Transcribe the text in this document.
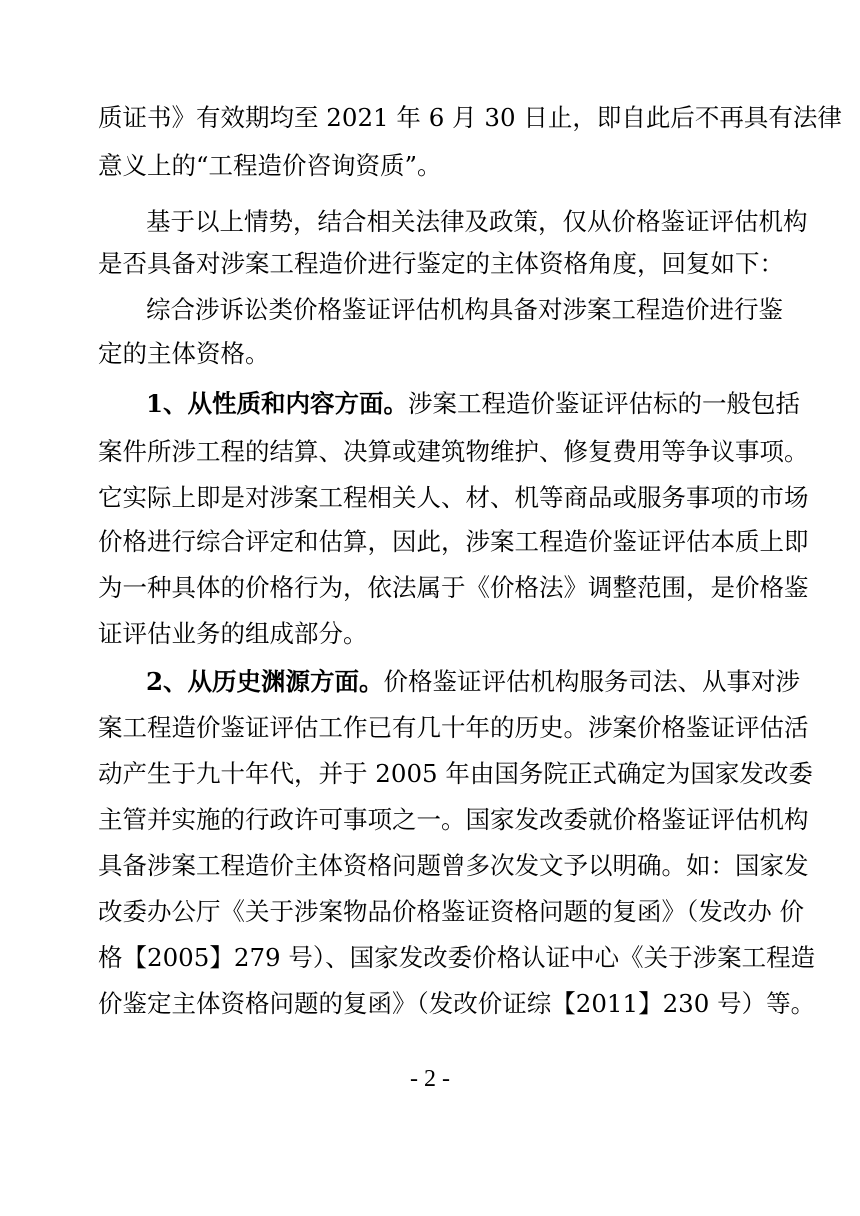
质证书》有效期均至 2021 年 6 月 30 日止，即自此后不再具有法律
意义上的“工程造价咨询资质”。
基于以上情势，结合相关法律及政策，仅从价格鉴证评估机构
是否具备对涉案工程造价进行鉴定的主体资格角度，回复如下：
综合涉诉讼类价格鉴证评估机构具备对涉案工程造价进行鉴
定的主体资格。
1、从性质和内容方面。涉案工程造价鉴证评估标的一般包括
案件所涉工程的结算、决算或建筑物维护、修复费用等争议事项。
它实际上即是对涉案工程相关人、材、机等商品或服务事项的市场
价格进行综合评定和估算，因此，涉案工程造价鉴证评估本质上即
为一种具体的价格行为，依法属于《价格法》调整范围，是价格鉴
证评估业务的组成部分。
2、从历史渊源方面。价格鉴证评估机构服务司法、从事对涉
案工程造价鉴证评估工作已有几十年的历史。涉案价格鉴证评估活
动产生于九十年代，并于 2005 年由国务院正式确定为国家发改委
主管并实施的行政许可事项之一。国家发改委就价格鉴证评估机构
具备涉案工程造价主体资格问题曾多次发文予以明确。如：国家发
改委办公厅《关于涉案物品价格鉴证资格问题的复函》（发改办 价
格【2005】279 号）、国家发改委价格认证中心《关于涉案工程造
价鉴定主体资格问题的复函》（发改价证综【2011】230 号）等。
- 2 -
